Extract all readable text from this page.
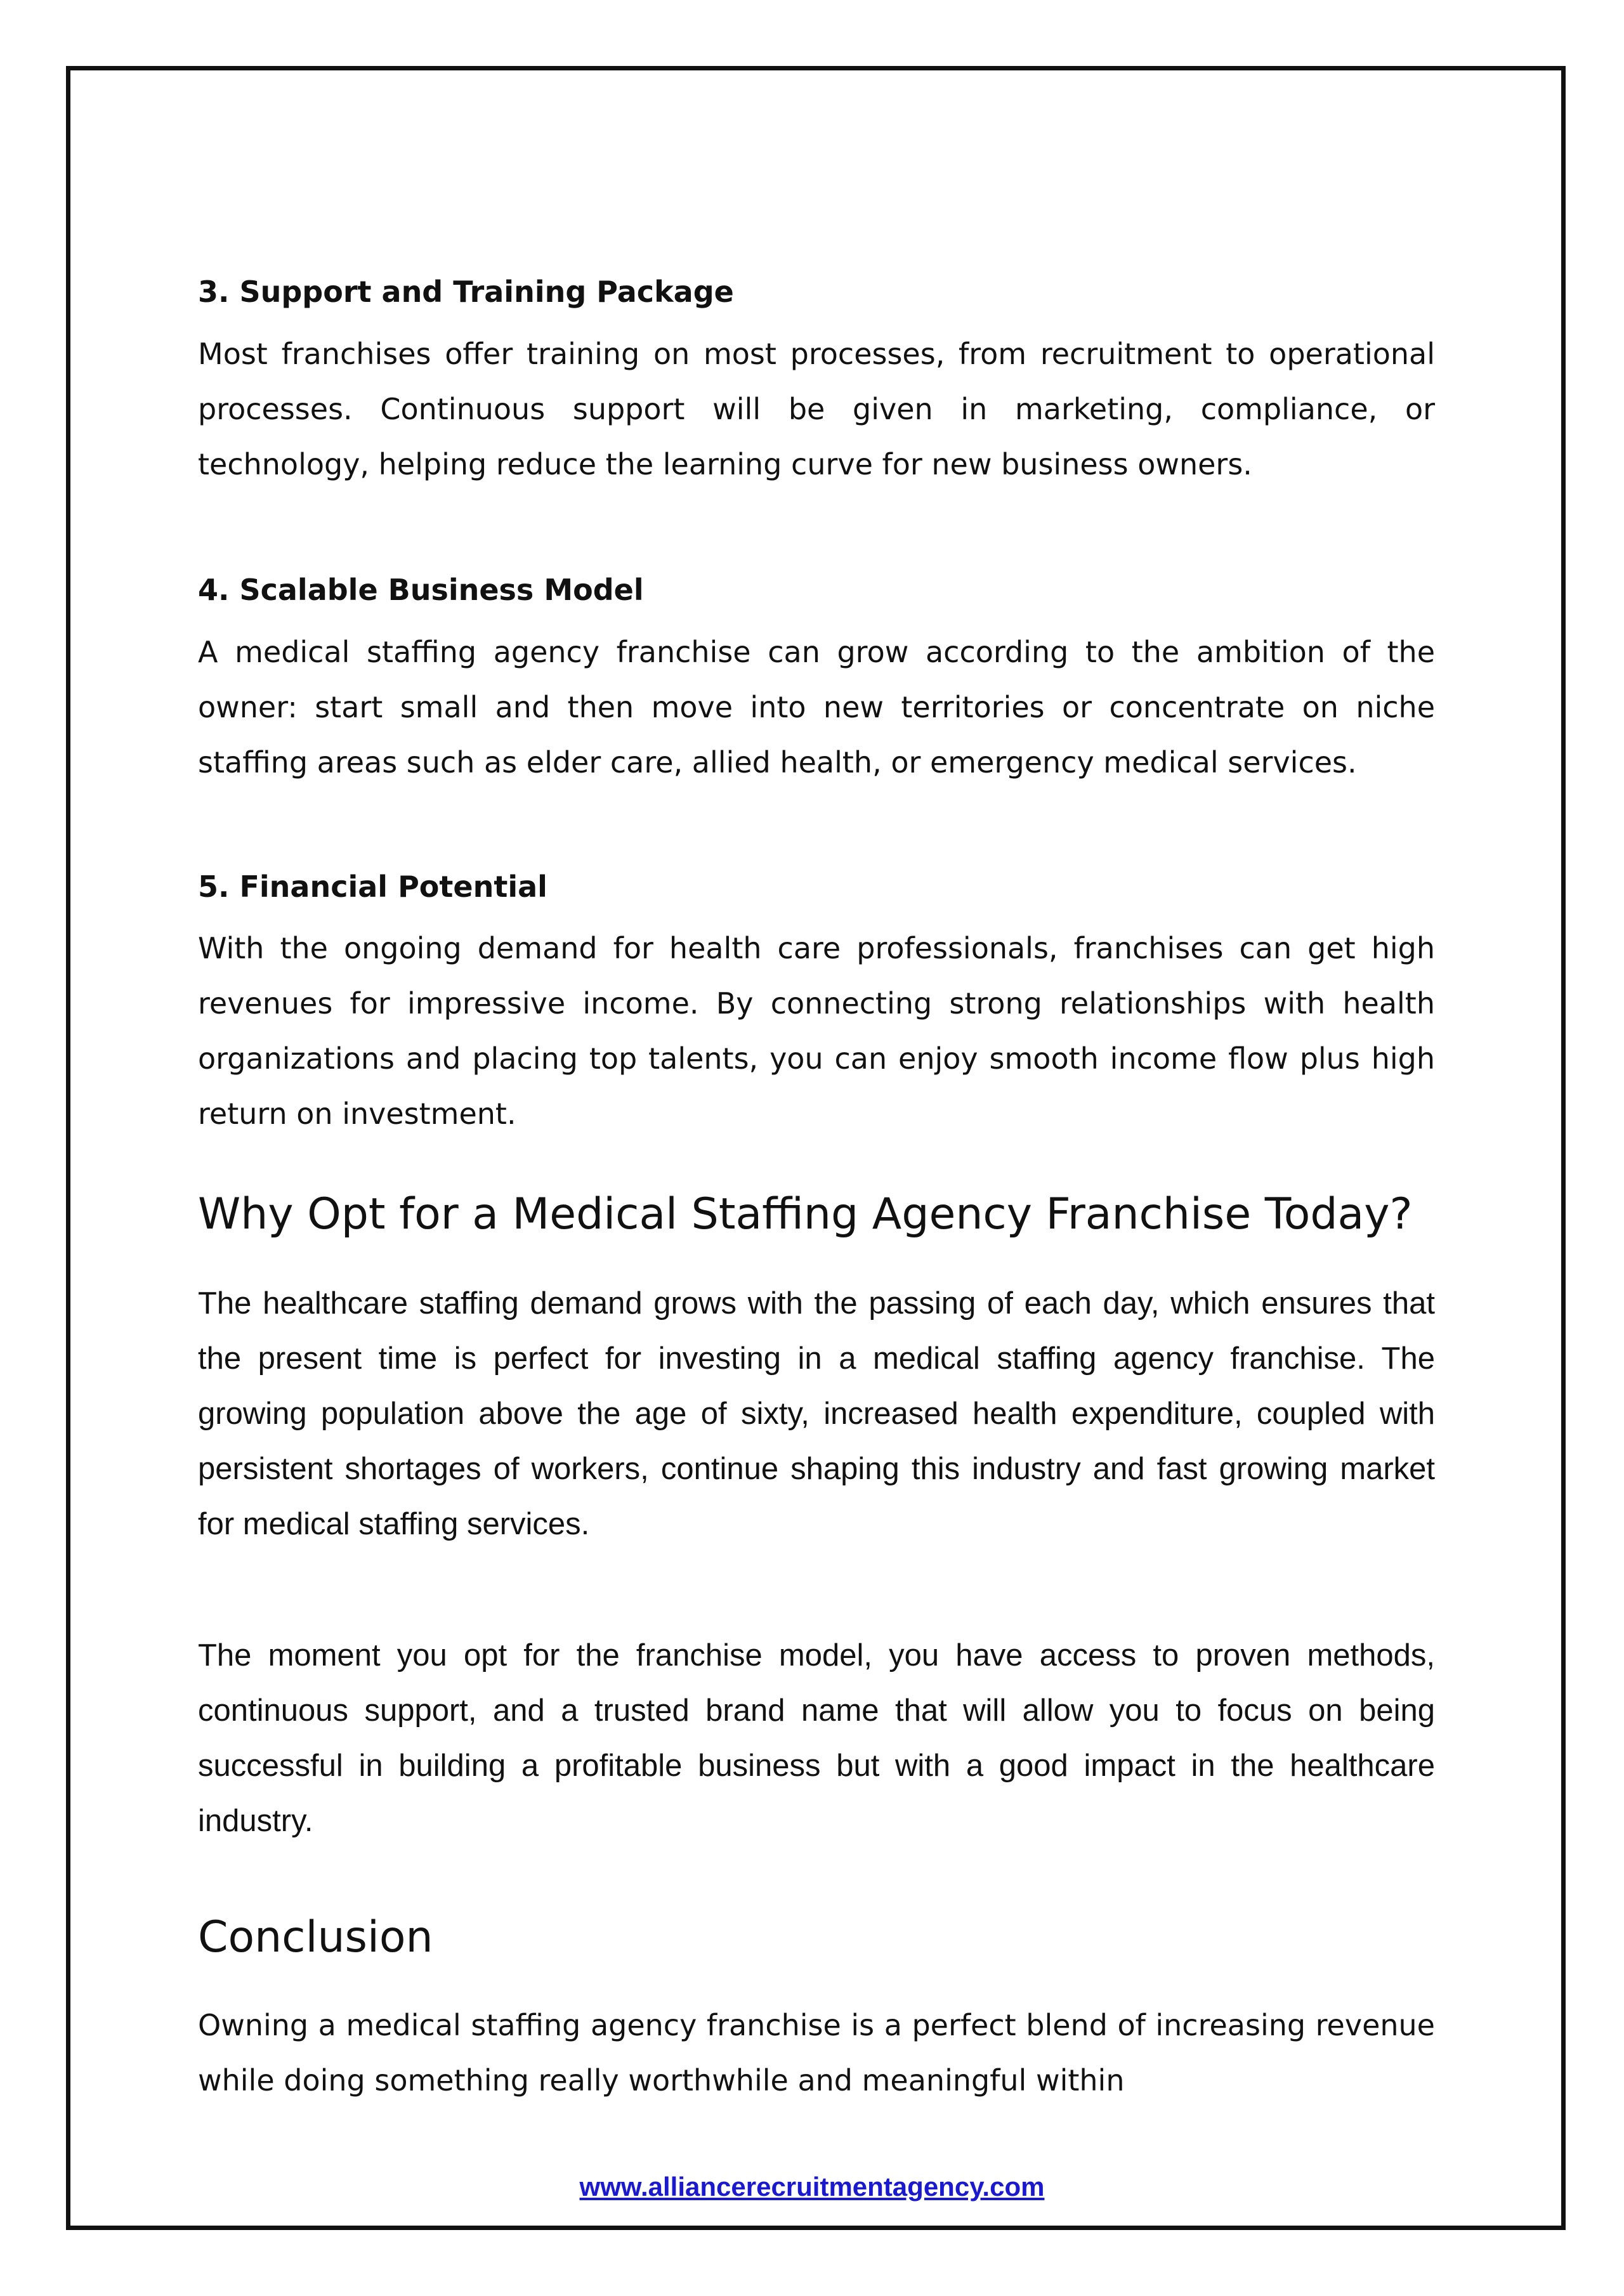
3. Support and Training Package

Most franchises offer training on most processes, from recruitment to operational processes. Continuous support will be given in marketing, compliance, or technology, helping reduce the learning curve for new business owners.

4. Scalable Business Model

A medical staffing agency franchise can grow according to the ambition of the owner: start small and then move into new territories or concentrate on niche staffing areas such as elder care, allied health, or emergency medical services.

5. Financial Potential

With the ongoing demand for health care professionals, franchises can get high revenues for impressive income. By connecting strong relationships with health organizations and placing top talents, you can enjoy smooth income flow plus high return on investment.

Why Opt for a Medical Staffing Agency Franchise Today?

The healthcare staffing demand grows with the passing of each day, which ensures that the present time is perfect for investing in a medical staffing agency franchise. The growing population above the age of sixty, increased health expenditure, coupled with persistent shortages of workers, continue shaping this industry and fast growing market for medical staffing services.

The moment you opt for the franchise model, you have access to proven methods, continuous support, and a trusted brand name that will allow you to focus on being successful in building a profitable business but with a good impact in the healthcare industry.

Conclusion

Owning a medical staffing agency franchise is a perfect blend of increasing revenue while doing something really worthwhile and meaningful within

www.alliancerecruitmentagency.com
